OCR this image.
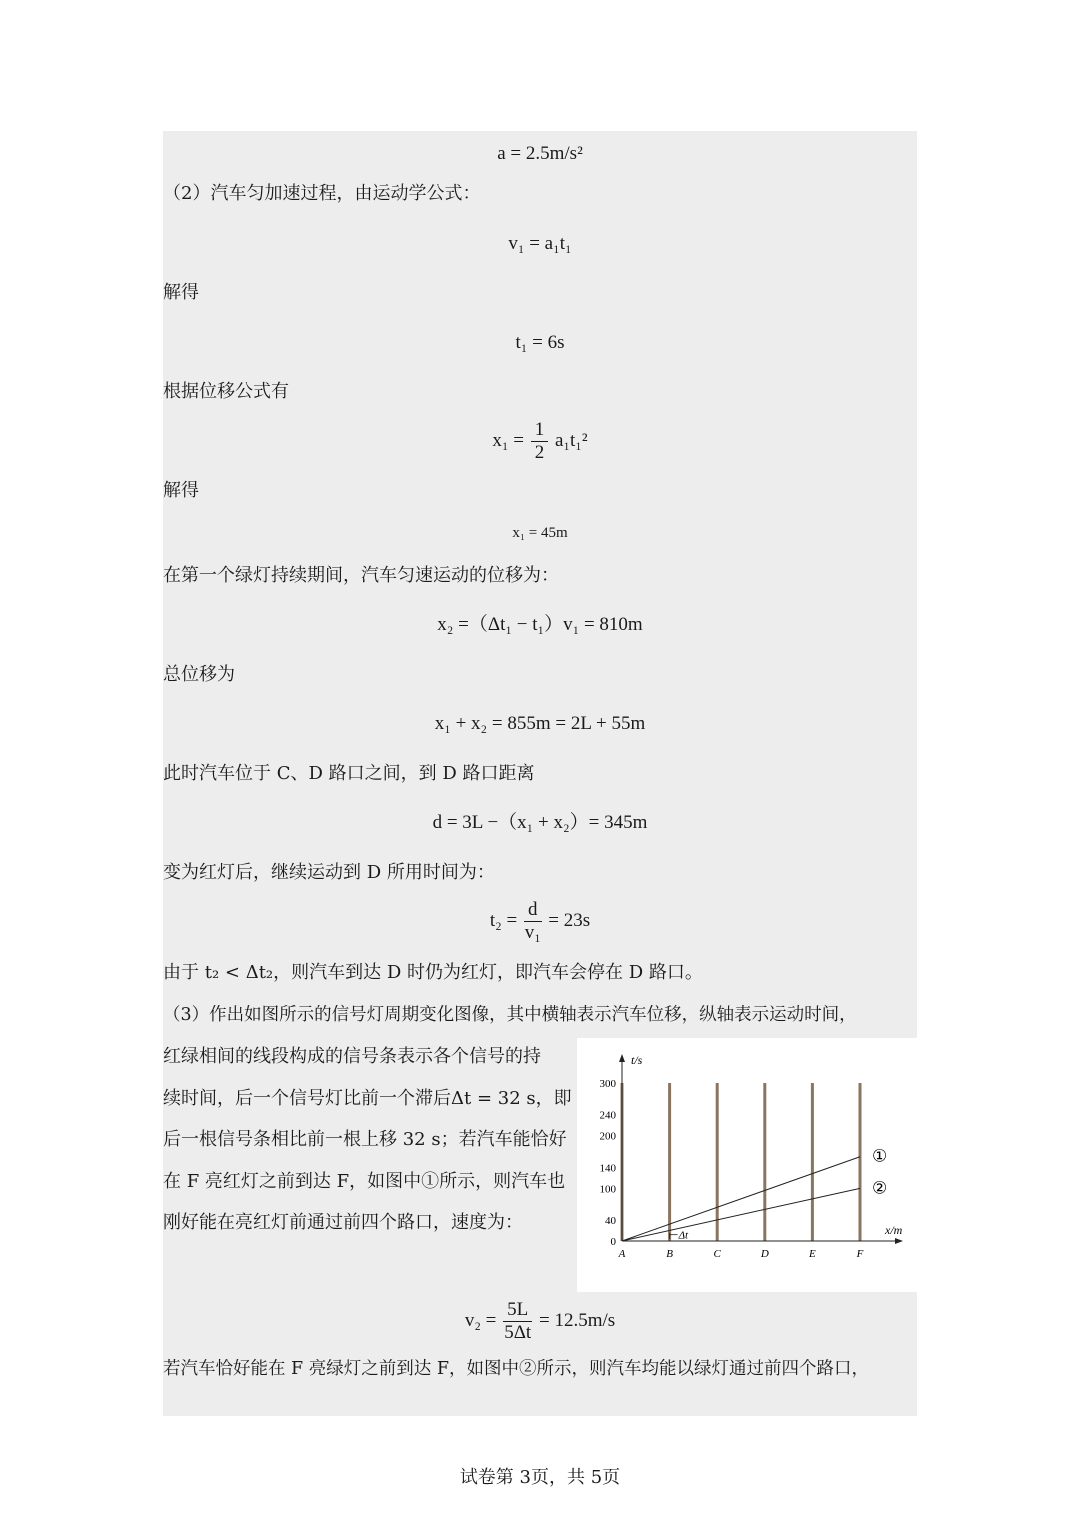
a = 2.5m/s²
（2）汽车匀加速过程，由运动学公式：
v₁ = a₁t₁
解得
t₁ = 6s
根据位移公式有
$x_1 = \frac{1}{2} a_1t_1^2$
解得
x₁ = 45m
在第一个绿灯持续期间，汽车匀速运动的位移为：
x₂ =（Δt₁ − t₁）v₁ = 810m
总位移为
x₁ + x₂ = 855m = 2L + 55m
此时汽车位于 C、D 路口之间，到 D 路口距离
d = 3L −（x₁ + x₂）= 345m
变为红灯后，继续运动到 D 所用时间为：
$t_2 = \frac{d}{\text{v₁}} = 23s$
由于 t₂ < Δt₂，则汽车到达 D 时仍为红灯，即汽车会停在 D 路口。
（3）作出如图所示的信号灯周期变化图像，其中横轴表示汽车位移，纵轴表示运动时间，
红绿相间的线段构成的信号条表示各个信号的持
续时间，后一个信号灯比前一个滞后Δt = 32 s，即
后一根信号条相比前一根上移 32 s；若汽车能恰好
在 F 亮红灯之前到达 F，如图中①所示，则汽车也
刚好能在亮红灯前通过前四个路口，速度为：
t/s
x/m
300
240
200
140
100
40
0
A	B	C	D	E	F
①
②
Δt
$v_2 = \frac{5L}{5\Delta t} = 12.5m/s$
若汽车恰好能在 F 亮绿灯之前到达 F，如图中②所示，则汽车均能以绿灯通过前四个路口，
试卷第 3页，共 5页
